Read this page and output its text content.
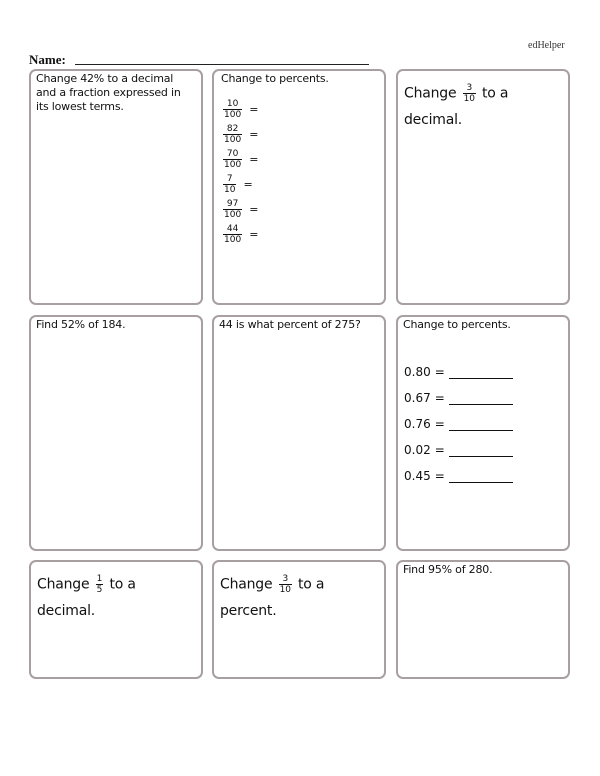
edHelper
Name:
Change 42% to a decimal and a fraction expressed in its lowest terms.
Change to percents.
$\frac{10}{100}$ =
$\frac{82}{100}$ =
$\frac{70}{100}$ =
$\frac{7}{10}$ =
$\frac{97}{100}$ =
$\frac{44}{100}$ =
Change $\frac{3}{10}$ to a
decimal.
Find 52% of 184.	44 is what percent of 275?	Change to percents.
0.80 =
0.67 =
0.76 =
0.02 =
0.45 =
Change $\frac{1}{5}$ to a
decimal.
Change $\frac{3}{10}$ to a
percent.
Find 95% of 280.
